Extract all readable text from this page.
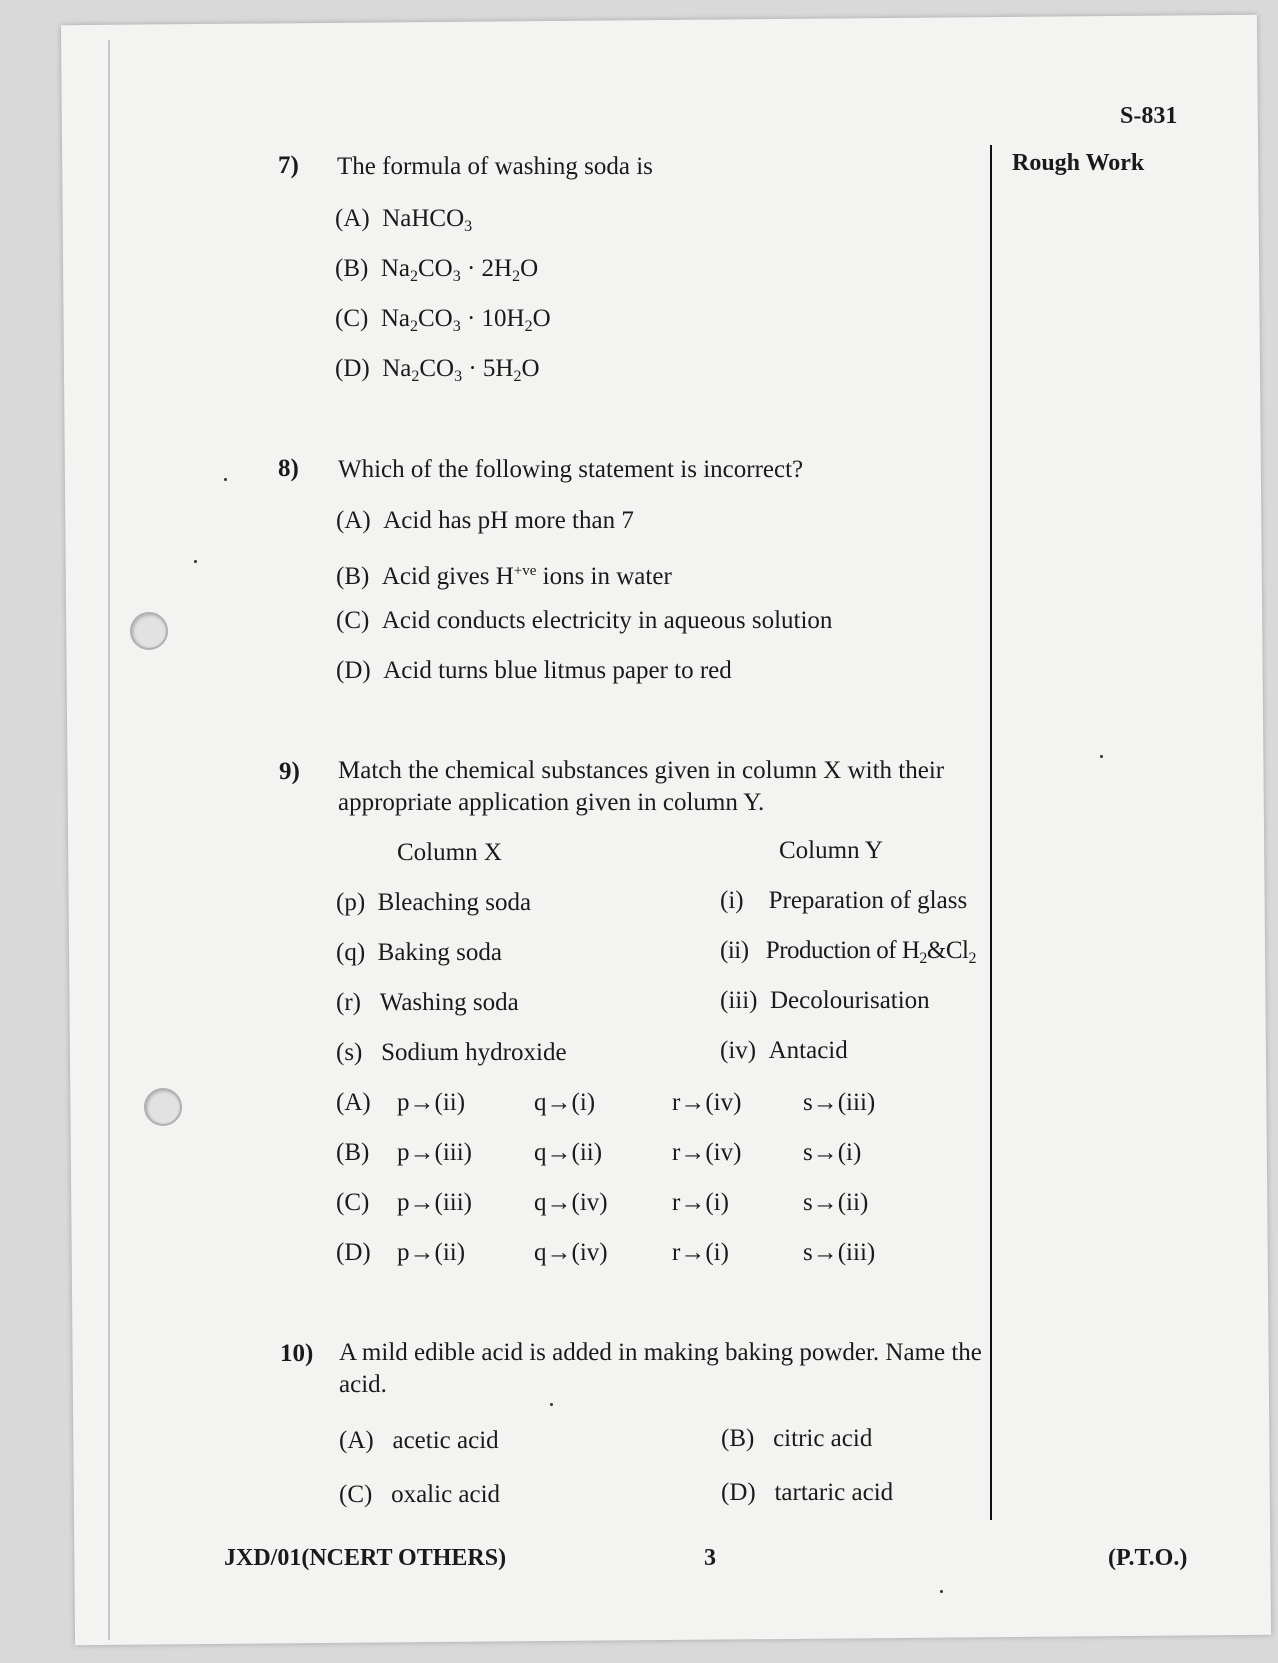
S-831
Rough Work
7) The formula of washing soda is
(A) NaHCO$_3$
(B) $Na_2CO_3 \cdot 2H_2O$
(C) $Na_2CO_3 \cdot 10H_2O$
(D) $Na_2CO_3 \cdot 5H_2O$
8) Which of the following statement is incorrect?
(A) Acid has pH more than 7
(B) Acid gives $H^{+ve}$ ions in water
(C) Acid conducts electricity in aqueous solution
(D) Acid turns blue litmus paper to red
9) Match the chemical substances given in column X with their
appropriate application given in column Y.
Column X	Column Y
(p) Bleaching soda	(i) Preparation of glass
(q) Baking soda	(ii) Production of $H_2\&Cl_2$
(r) Washing soda	(iii) Decolourisation
(s) Sodium hydroxide	(iv) Antacid
(A) p→(ii)	q→(i)	r→(iv) s→(iii)
(B) p→(iii) q→(ii)	r→(iv) s→(i)
(C) p→(iii) q→(iv)	r→(i)	s→(ii)
(D) p→(ii)	q→(iv)	r→(i)	s→(iii)
10) A mild edible acid is added in making baking powder. Name the
acid.
(A) acetic acid	(B) citric acid
(C) oxalic acid	(D) tartaric acid
JXD/01(NCERT OTHERS)	3	(P.T.O.)
